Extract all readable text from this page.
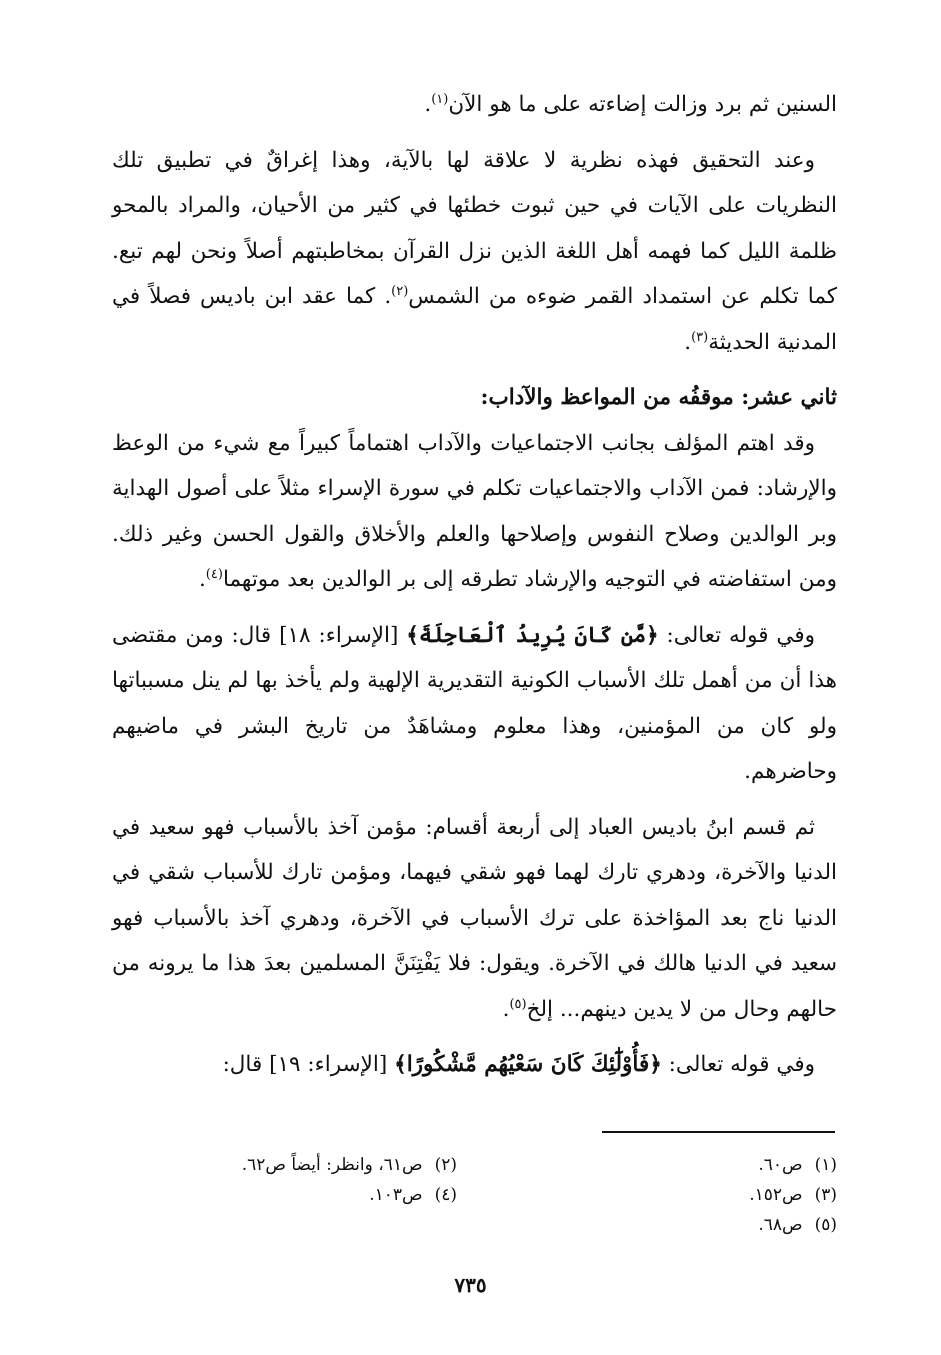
السنين ثم برد وزالت إضاءته على ما هو الآن$^{(١)}$.

وعند التحقيق فهذه نظرية لا علاقة لها بالآية، وهذا إغراقٌ في تطبيق تلك النظريات على الآيات في حين ثبوت خطئها في كثير من الأحيان، والمراد بالمحو ظلمة الليل كما فهمه أهل اللغة الذين نزل القرآن بمخاطبتهم أصلاً ونحن لهم تبع. كما تكلم عن استمداد القمر ضوءه من الشمس$^{(٢)}$. كما عقد ابن باديس فصلاً في المدنية الحديثة$^{(٣)}$.

ثاني عشر: موقفُه من المواعظ والآداب:

وقد اهتم المؤلف بجانب الاجتماعيات والآداب اهتماماً كبيراً مع شيء من الوعظ والإرشاد: فمن الآداب والاجتماعيات تكلم في سورة الإسراء مثلاً على أصول الهداية وبر الوالدين وصلاح النفوس وإصلاحها والعلم والأخلاق والقول الحسن وغير ذلك. ومن استفاضته في التوجيه والإرشاد تطرقه إلى بر الوالدين بعد موتهما$^{(٤)}$.

وفي قوله تعالى: ﴿مَّن كَانَ يُرِيدُ ٱلْعَاجِلَةَ﴾ [الإسراء: ١٨] قال: ومن مقتضى هذا أن من أهمل تلك الأسباب الكونية التقديرية الإلهية ولم يأخذ بها لم ينل مسبباتها ولو كان من المؤمنين، وهذا معلوم ومشاهَدٌ من تاريخ البشر في ماضيهم وحاضرهم.

ثم قسم ابنُ باديس العباد إلى أربعة أقسام: مؤمن آخذ بالأسباب فهو سعيد في الدنيا والآخرة، ودهري تارك لهما فهو شقي فيهما، ومؤمن تارك للأسباب شقي في الدنيا ناج بعد المؤاخذة على ترك الأسباب في الآخرة، ودهري آخذ بالأسباب فهو سعيد في الدنيا هالك في الآخرة. ويقول: فلا يَفْتِنَنَّ المسلمين بعدَ هذا ما يرونه من حالهم وحال من لا يدين دينهم... إلخ$^{(٥)}$.

وفي قوله تعالى: ﴿فَأُوْلَٰٓئِكَ كَانَ سَعْيُهُم مَّشْكُورًا﴾ [الإسراء: ١٩] قال:

(١)ص٦٠.
(٢)ص٦١، وانظر: أيضاً ص٦٢.
(٣)ص١٥٢.
(٤)ص١٠٣.
(٥)ص٦٨.
٧٣٥
